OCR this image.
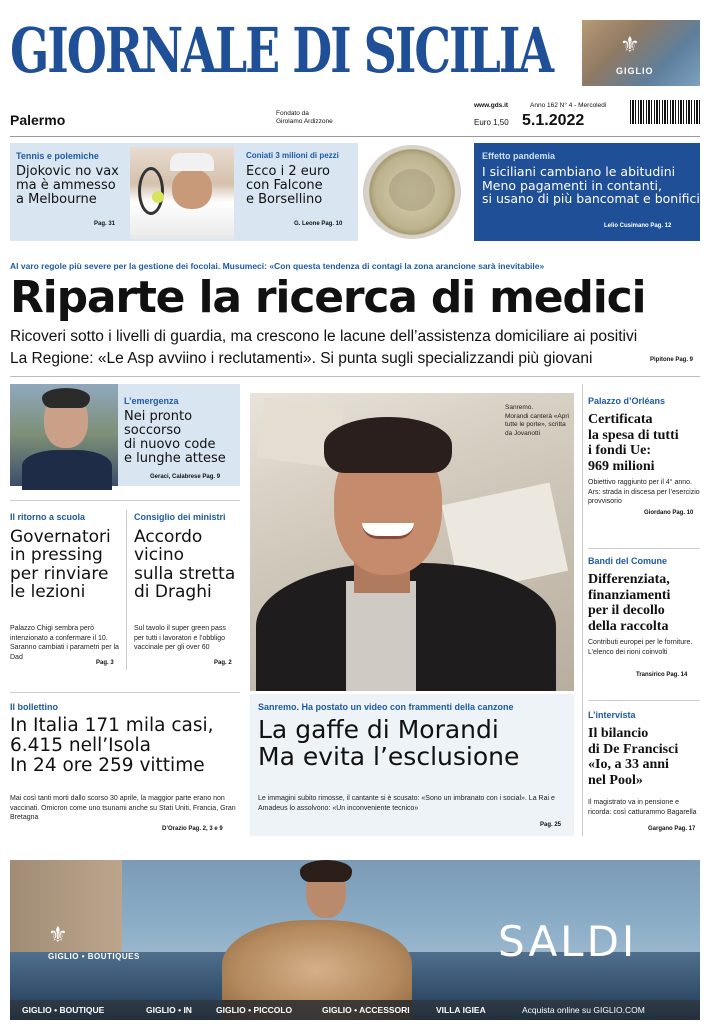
GIORNALE DI SICILIA	⚜
GIGLIO
Palermo	Fondato da
Girolamo Ardizzone
www.gds.it
Euro 1,50
Anno 162 N° 4 - Mercoledì
5.1.2022
Tennis e polemiche
Djokovic no vax
ma è ammesso
a Melbourne
Pag. 31
Coniati 3 milioni di pezzi
Ecco i 2 euro
con Falcone
e Borsellino
G. Leone Pag. 10
Effetto pandemia
I siciliani cambiano le abitudini
Meno pagamenti in contanti,
si usano di più bancomat e bonifici
Lelio Cusimano Pag. 12
Al varo regole più severe per la gestione dei focolai. Musumeci: «Con questa tendenza di contagi la zona arancione sarà inevitabile»
Riparte la ricerca di medici
Ricoveri sotto i livelli di guardia, ma crescono le lacune dell’assistenza domiciliare ai positivi
La Regione: «Le Asp avviino i reclutamenti». Si punta sugli specializzandi più giovani	Pipitone Pag. 9
L’emergenza
Nei pronto
soccorso
di nuovo code
e lunghe attese
Geraci, Calabrese Pag. 9
Il ritorno a scuola
Governatori
in pressing
per rinviare
le lezioni
Palazzo Chigi sembra però intenzionato a confermare il 10. Saranno cambiati i parametri per la Dad
Pag. 3
Consiglio dei ministri
Accordo
vicino
sulla stretta
di Draghi
Sul tavolo il super green pass per tutti i lavoratori e l’obbligo vaccinale per gli over 60
Pag. 2
Il bollettino
In Italia 171 mila casi,
6.415 nell’Isola
In 24 ore 259 vittime
Mai così tanti morti dallo scorso 30 aprile, la maggior parte erano non vaccinati. Omicron come uno tsunami anche su Stati Uniti, Francia, Gran Bretagna
D’Orazio Pag. 2, 3 e 9
Sanremo.
Morandi canterà «Apri tutte le porte», scritta da Jovanotti
Sanremo. Ha postato un video con frammenti della canzone
La gaffe di Morandi
Ma evita l’esclusione
Le immagini subito rimosse, il cantante si è scusato: «Sono un imbranato con i social». La Rai e Amadeus lo assolvono: «Un inconveniente tecnico»
Pag. 25
Palazzo d’Orléans
Certificata
la spesa di tutti
i fondi Ue:
969 milioni
Obiettivo raggiunto per il 4° anno. Ars: strada in discesa per l’esercizio provvisorio
Giordano Pag. 10
Bandi del Comune
Differenziata,
finanziamenti
per il decollo
della raccolta
Contributi europei per le forniture. L’elenco dei rioni coinvolti
Transirico Pag. 14
L’intervista
Il bilancio
di De Francisci
«Io, a 33 anni
nel Pool»
Il magistrato va in pensione e ricorda: così catturammo Bagarella
Gargano Pag. 17
⚜
GIGLIO • BOUTIQUES	SALDI
GIGLIO • BOUTIQUE	GIGLIO • IN	GIGLIO • PICCOLO	GIGLIO • ACCESSORI	VILLA IGIEA	Acquista online su GIGLIO.COM
